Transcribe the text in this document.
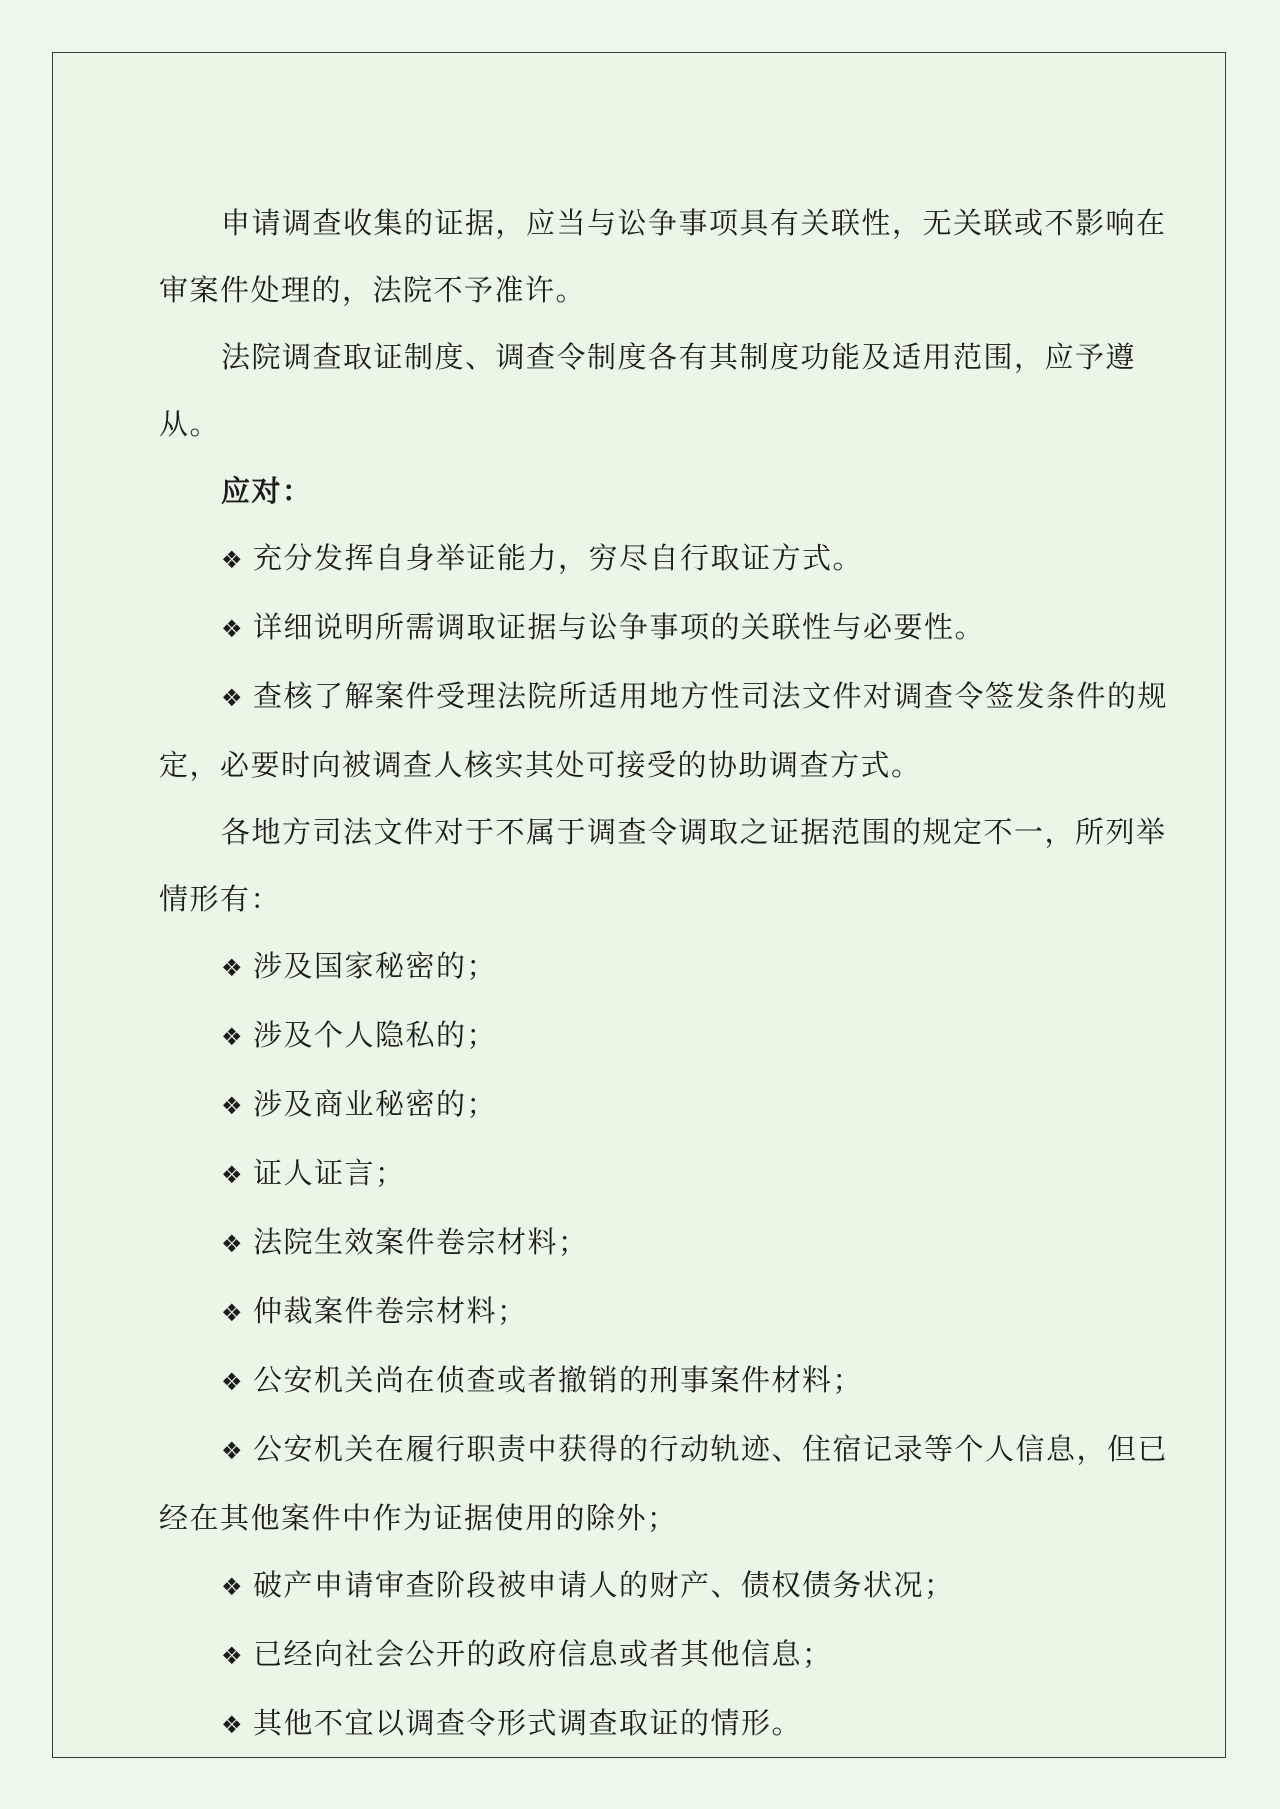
申请调查收集的证据，应当与讼争事项具有关联性，无关联或不影响在审案件处理的，法院不予准许。

法院调查取证制度、调查令制度各有其制度功能及适用范围，应予遵从。

应对：

❖ 充分发挥自身举证能力，穷尽自行取证方式。

❖ 详细说明所需调取证据与讼争事项的关联性与必要性。

❖ 查核了解案件受理法院所适用地方性司法文件对调查令签发条件的规定，必要时向被调查人核实其处可接受的协助调查方式。

各地方司法文件对于不属于调查令调取之证据范围的规定不一，所列举情形有：

❖ 涉及国家秘密的；

❖ 涉及个人隐私的；

❖ 涉及商业秘密的；

❖ 证人证言；

❖ 法院生效案件卷宗材料；

❖ 仲裁案件卷宗材料；

❖ 公安机关尚在侦查或者撤销的刑事案件材料；

❖ 公安机关在履行职责中获得的行动轨迹、住宿记录等个人信息，但已经在其他案件中作为证据使用的除外；

❖ 破产申请审查阶段被申请人的财产、债权债务状况；

❖ 已经向社会公开的政府信息或者其他信息；

❖ 其他不宜以调查令形式调查取证的情形。
